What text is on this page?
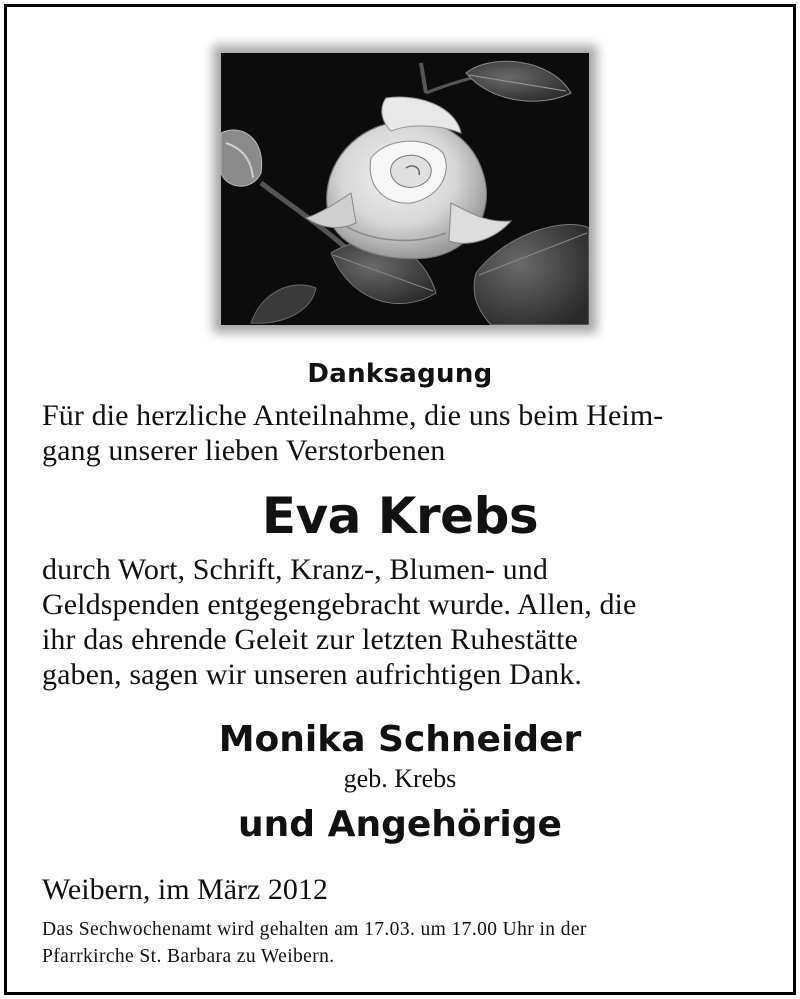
Danksagung
Für die herzliche Anteilnahme, die uns beim Heim-
gang unserer lieben Verstorbenen
Eva Krebs
durch Wort, Schrift, Kranz-, Blumen- und
Geldspenden entgegengebracht wurde. Allen, die
ihr das ehrende Geleit zur letzten Ruhestätte
gaben, sagen wir unseren aufrichtigen Dank.
Monika Schneider
geb. Krebs
und Angehörige
Weibern, im März 2012
Das Sechwochenamt wird gehalten am 17.03. um 17.00 Uhr in der
Pfarrkirche St. Barbara zu Weibern.
